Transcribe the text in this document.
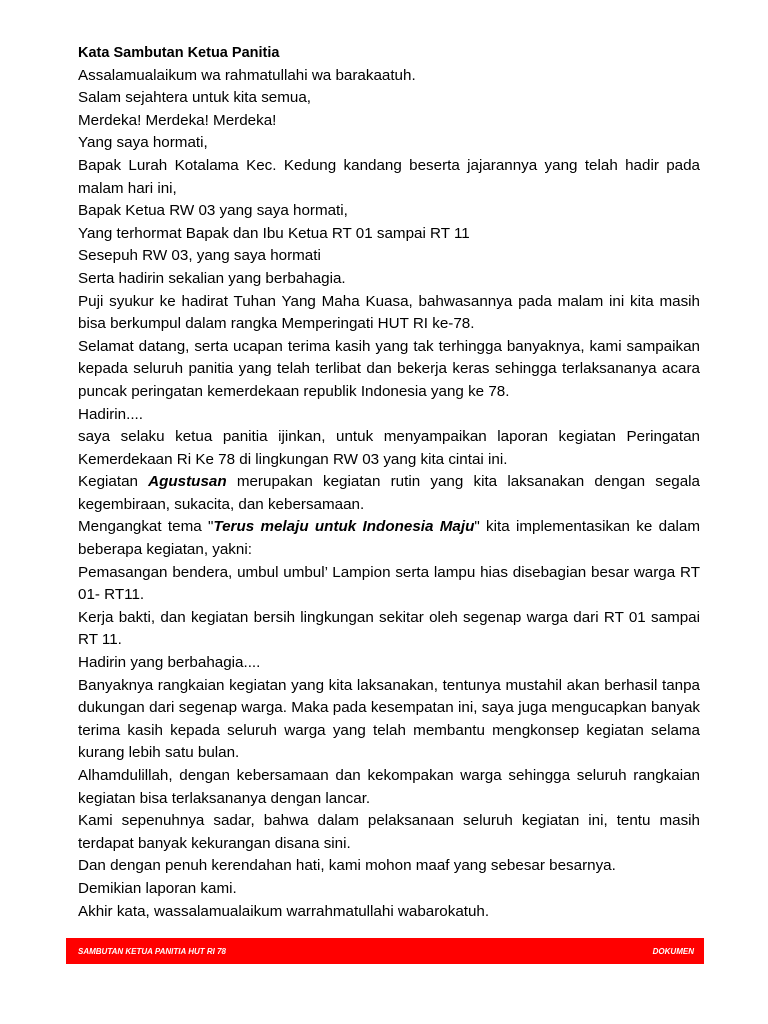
Kata Sambutan Ketua Panitia

Assalamualaikum wa rahmatullahi wa barakaatuh.

Salam sejahtera untuk kita semua,

Merdeka! Merdeka! Merdeka!

Yang saya hormati,

Bapak Lurah Kotalama Kec. Kedung kandang beserta jajarannya yang telah hadir pada malam hari ini,

Bapak Ketua RW 03 yang saya hormati,

Yang terhormat Bapak dan Ibu Ketua RT 01 sampai RT 11

Sesepuh RW 03, yang saya hormati

Serta hadirin sekalian yang berbahagia.

Puji syukur ke hadirat Tuhan Yang Maha Kuasa, bahwasannya pada malam ini kita masih bisa berkumpul dalam rangka Memperingati HUT RI ke-78.

Selamat datang, serta ucapan terima kasih yang tak terhingga banyaknya, kami sampaikan kepada seluruh panitia yang telah terlibat dan bekerja keras sehingga terlaksananya acara puncak peringatan kemerdekaan republik Indonesia yang ke 78.

Hadirin....

saya selaku ketua panitia ijinkan, untuk menyampaikan laporan kegiatan Peringatan Kemerdekaan Ri Ke 78 di lingkungan RW 03 yang kita cintai ini.

Kegiatan Agustusan merupakan kegiatan rutin yang kita laksanakan dengan segala kegembiraan, sukacita, dan kebersamaan.

Mengangkat tema "Terus melaju untuk Indonesia Maju" kita implementasikan ke dalam beberapa kegiatan, yakni:

Pemasangan bendera, umbul umbul’ Lampion serta lampu hias disebagian besar warga RT 01- RT11.

Kerja bakti, dan kegiatan bersih lingkungan sekitar oleh segenap warga dari RT 01 sampai RT 11.

Hadirin yang berbahagia....

Banyaknya rangkaian kegiatan yang kita laksanakan, tentunya mustahil akan berhasil tanpa dukungan dari segenap warga. Maka pada kesempatan ini, saya juga mengucapkan banyak terima kasih kepada seluruh warga yang telah membantu mengkonsep kegiatan selama kurang lebih satu bulan.

Alhamdulillah, dengan kebersamaan dan kekompakan warga sehingga seluruh rangkaian kegiatan bisa terlaksananya dengan lancar.

Kami sepenuhnya sadar, bahwa dalam pelaksanaan seluruh kegiatan ini, tentu masih terdapat banyak kekurangan disana sini.

Dan dengan penuh kerendahan hati, kami mohon maaf yang sebesar besarnya.

Demikian laporan kami.

Akhir kata, wassalamualaikum warrahmatullahi wabarokatuh.

SAMBUTAN KETUA PANITIA HUT RI 78	DOKUMEN
